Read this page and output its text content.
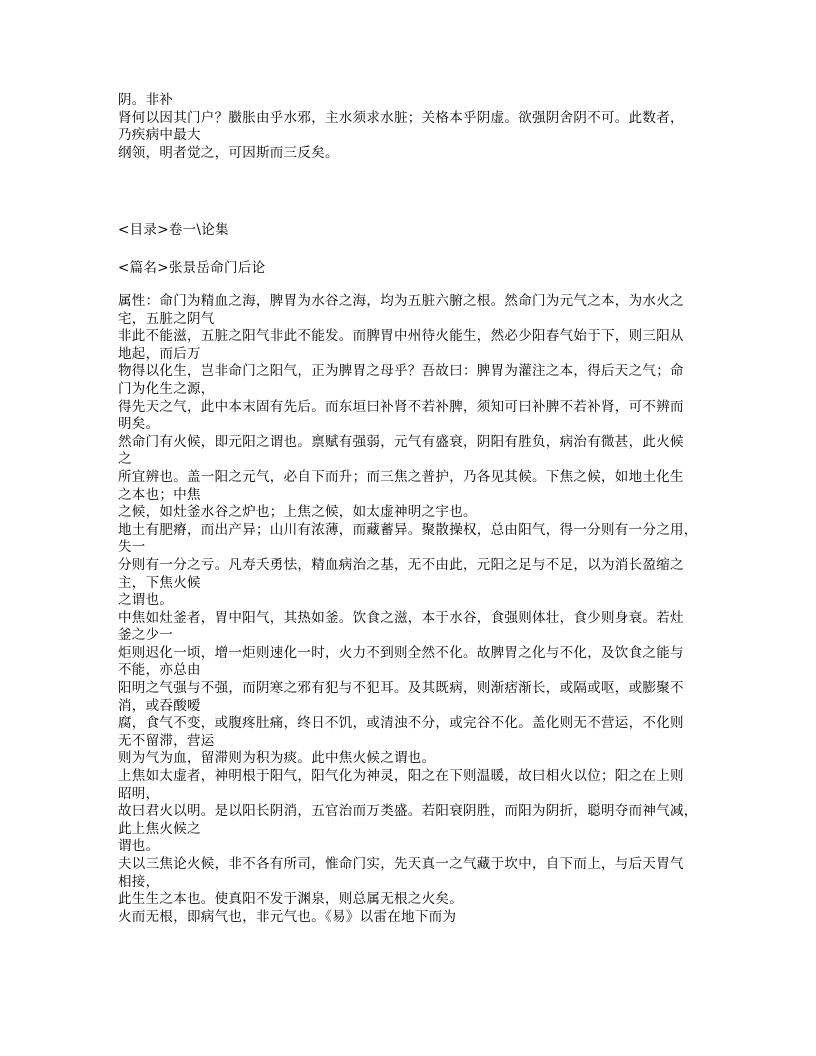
阴。非补
肾何以因其门户？臌胀由乎水邪，主水须求水脏；关格本乎阴虚。欲强阴舍阴不可。此数者，
乃疾病中最大
纲领，明者觉之，可因斯而三反矣。
<目录>卷一\论集
<篇名>张景岳命门后论
属性：命门为精血之海，脾胃为水谷之海，均为五脏六腑之根。然命门为元气之本，为水火之
宅，五脏之阴气
非此不能滋，五脏之阳气非此不能发。而脾胃中州待火能生，然必少阳春气始于下，则三阳从
地起，而后万
物得以化生，岂非命门之阳气，正为脾胃之母乎？吾故曰：脾胃为灌注之本，得后天之气；命
门为化生之源，
得先天之气，此中本末固有先后。而东垣曰补肾不若补脾，须知可曰补脾不若补肾，可不辨而
明矣。
然命门有火候，即元阳之谓也。禀赋有强弱，元气有盛衰，阴阳有胜负，病治有微甚，此火候
之
所宜辨也。盖一阳之元气，必自下而升；而三焦之普护，乃各见其候。下焦之候，如地土化生
之本也；中焦
之候，如灶釜水谷之炉也；上焦之候，如太虚神明之宇也。
地土有肥瘠，而出产异；山川有浓薄，而藏蓄异。聚散操权，总由阳气，得一分则有一分之用，
失一
分则有一分之亏。凡寿夭勇怯，精血病治之基，无不由此，元阳之足与不足，以为消长盈缩之
主，下焦火候
之谓也。
中焦如灶釜者，胃中阳气，其热如釜。饮食之滋，本于水谷，食强则体壮，食少则身衰。若灶
釜之少一
炬则迟化一顷，增一炬则速化一时，火力不到则全然不化。故脾胃之化与不化，及饮食之能与
不能，亦总由
阳明之气强与不强，而阴寒之邪有犯与不犯耳。及其既病，则渐痞渐长，或隔或呕，或膨聚不
消，或吞酸嗳
腐，食气不变，或腹疼肚痛，终日不饥，或清浊不分，或完谷不化。盖化则无不营运，不化则
无不留滞，营运
则为气为血，留滞则为积为痰。此中焦火候之谓也。
上焦如太虚者，神明根于阳气，阳气化为神灵，阳之在下则温暖，故曰相火以位；阳之在上则
昭明，
故曰君火以明。是以阳长阴消，五官治而万类盛。若阳衰阴胜，而阳为阴折，聪明夺而神气减，
此上焦火候之
谓也。
夫以三焦论火候，非不各有所司，惟命门实，先天真一之气藏于坎中，自下而上，与后天胃气
相接，
此生生之本也。使真阳不发于渊泉，则总属无根之火矣。
火而无根，即病气也，非元气也。《易》以雷在地下而为
